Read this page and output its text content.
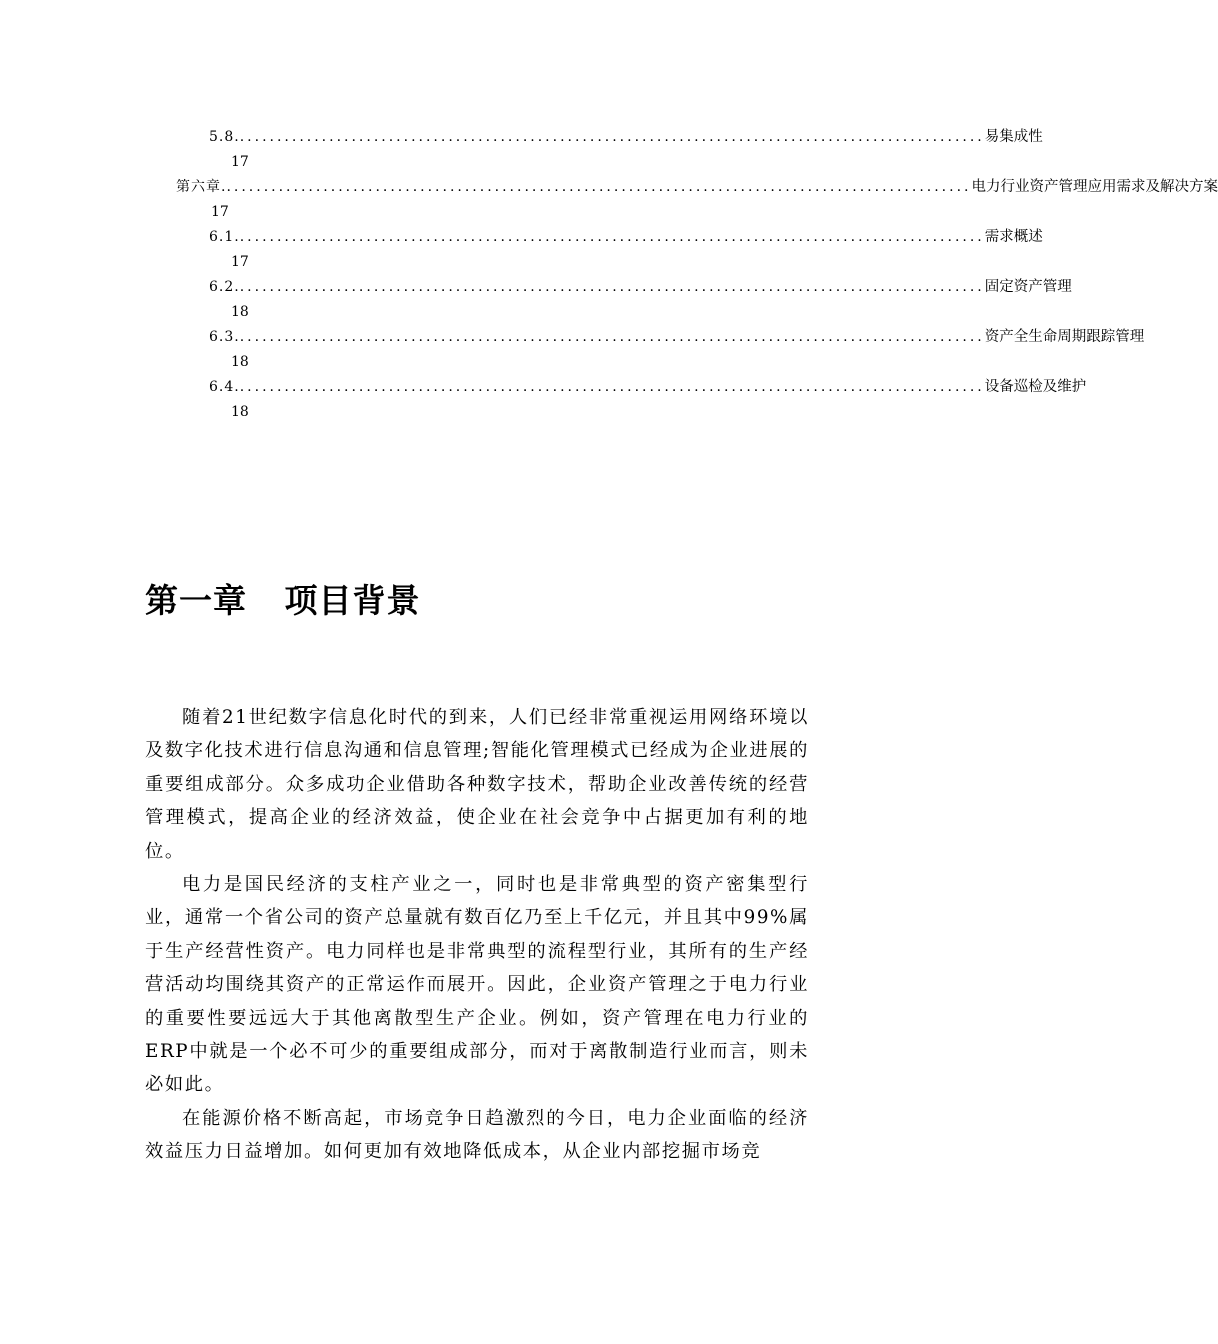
5.8. .................................................................................................... 易集成性
17
第六章. .................................................................................................... 电力行业资产管理应用需求及解决方案
17
6.1. .................................................................................................... 需求概述
17
6.2. .................................................................................................... 固定资产管理
18
6.3. .................................................................................................... 资产全生命周期跟踪管理
18
6.4. .................................................................................................... 设备巡检及维护
18
第一章   项目背景

随着21世纪数字信息化时代的到来，人们已经非常重视运用网络环境以及数字化技术进行信息沟通和信息管理;智能化管理模式已经成为企业进展的重要组成部分。众多成功企业借助各种数字技术，帮助企业改善传统的经营管理模式，提高企业的经济效益，使企业在社会竞争中占据更加有利的地位。

电力是国民经济的支柱产业之一，同时也是非常典型的资产密集型行业，通常一个省公司的资产总量就有数百亿乃至上千亿元，并且其中99%属于生产经营性资产。电力同样也是非常典型的流程型行业，其所有的生产经营活动均围绕其资产的正常运作而展开。因此，企业资产管理之于电力行业的重要性要远远大于其他离散型生产企业。例如，资产管理在电力行业的ERP中就是一个必不可少的重要组成部分，而对于离散制造行业而言，则未必如此。

在能源价格不断高起，市场竞争日趋激烈的今日，电力企业面临的经济效益压力日益增加。如何更加有效地降低成本，从企业内部挖掘市场竞
